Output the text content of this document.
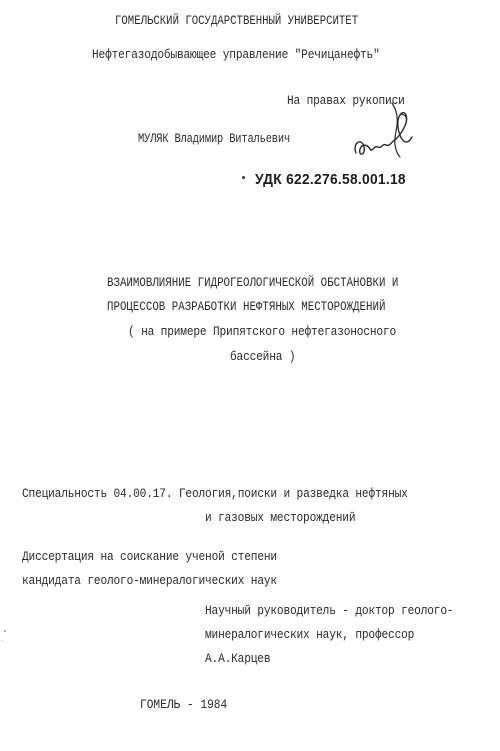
ГОМЕЛЬСКИЙ ГОСУДАРСТВЕННЫЙ УНИВЕРСИТЕТ
Нефтегазодобывающее управление "Речицанефть"
На правах рукописи
МУЛЯК Владимир Витальевич
УДК 622.276.58.001.18
ВЗАИМОВЛИЯНИЕ ГИДРОГЕОЛОГИЧЕСКОЙ ОБСТАНОВКИ И
ПРОЦЕССОВ РАЗРАБОТКИ НЕФТЯНЫХ МЕСТОРОЖДЕНИЙ
( на примере Припятского нефтегазоносного
бассейна )
Специальность 04.00.17. Геология,поиски и разведка нефтяных
и газовых месторождений
Диссертация на соискание ученой степени
кандидата геолого-минералогических наук
Научный руководитель - доктор геолого-
минералогических наук, профессор
А.А.Карцев
ГОМЕЛЬ - 1984
